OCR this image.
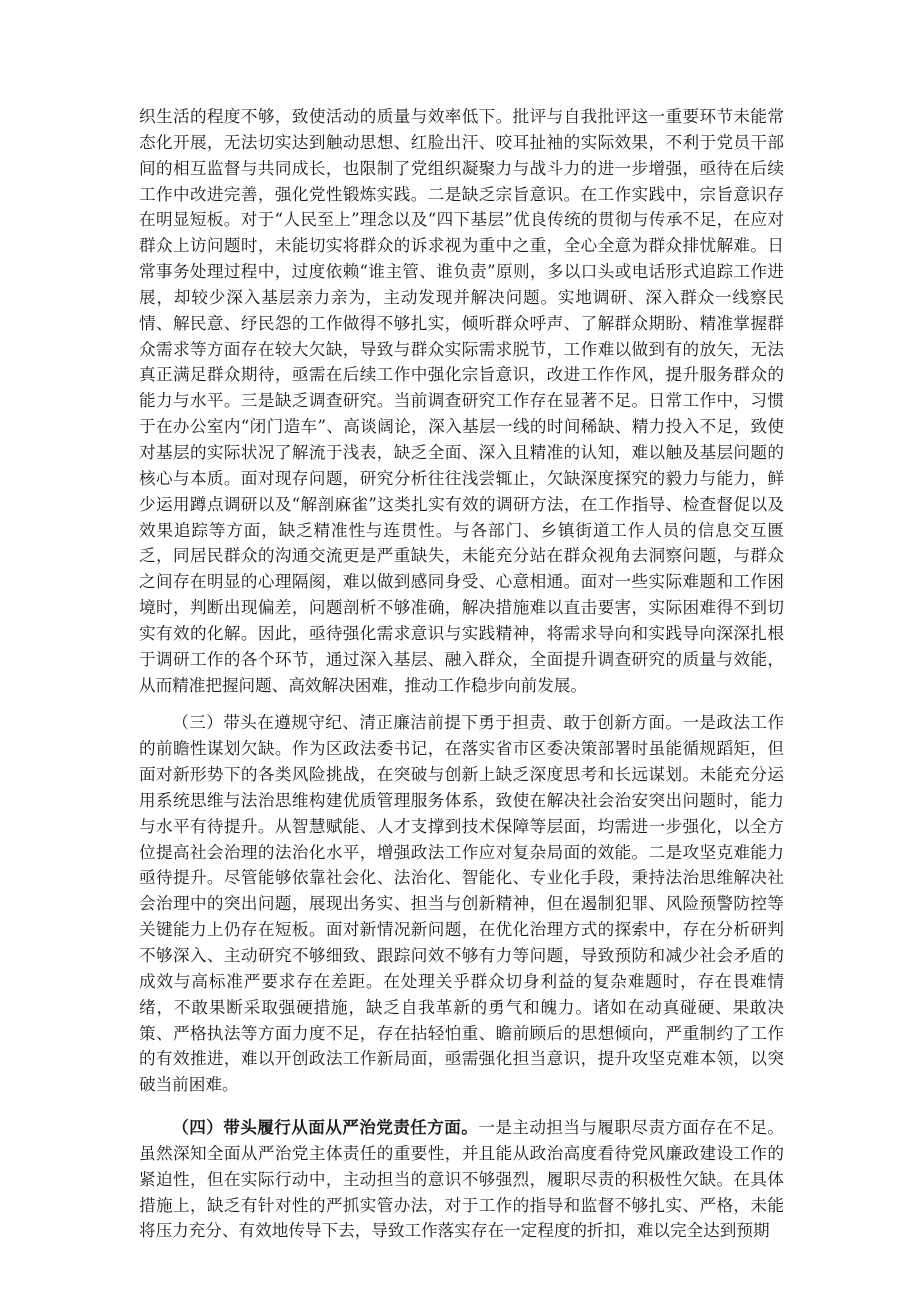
织生活的程度不够，致使活动的质量与效率低下。批评与自我批评这一重要环节未能常态化开展，无法切实达到触动思想、红脸出汗、咬耳扯袖的实际效果，不利于党员干部间的相互监督与共同成长，也限制了党组织凝聚力与战斗力的进一步增强，亟待在后续工作中改进完善，强化党性锻炼实践。二是缺乏宗旨意识。在工作实践中，宗旨意识存在明显短板。对于“人民至上”理念以及“四下基层”优良传统的贯彻与传承不足，在应对群众上访问题时，未能切实将群众的诉求视为重中之重，全心全意为群众排忧解难。日常事务处理过程中，过度依赖“谁主管、谁负责”原则，多以口头或电话形式追踪工作进展，却较少深入基层亲力亲为，主动发现并解决问题。实地调研、深入群众一线察民情、解民意、纾民怨的工作做得不够扎实，倾听群众呼声、了解群众期盼、精准掌握群众需求等方面存在较大欠缺，导致与群众实际需求脱节，工作难以做到有的放矢，无法真正满足群众期待，亟需在后续工作中强化宗旨意识，改进工作作风，提升服务群众的能力与水平。三是缺乏调查研究。当前调查研究工作存在显著不足。日常工作中，习惯于在办公室内“闭门造车”、高谈阔论，深入基层一线的时间稀缺、精力投入不足，致使对基层的实际状况了解流于浅表，缺乏全面、深入且精准的认知，难以触及基层问题的核心与本质。面对现存问题，研究分析往往浅尝辄止，欠缺深度探究的毅力与能力，鲜少运用蹲点调研以及“解剖麻雀”这类扎实有效的调研方法，在工作指导、检查督促以及效果追踪等方面，缺乏精准性与连贯性。与各部门、乡镇街道工作人员的信息交互匮乏，同居民群众的沟通交流更是严重缺失，未能充分站在群众视角去洞察问题，与群众之间存在明显的心理隔阂，难以做到感同身受、心意相通。面对一些实际难题和工作困境时，判断出现偏差，问题剖析不够准确，解决措施难以直击要害，实际困难得不到切实有效的化解。因此，亟待强化需求意识与实践精神，将需求导向和实践导向深深扎根于调研工作的各个环节，通过深入基层、融入群众，全面提升调查研究的质量与效能，从而精准把握问题、高效解决困难，推动工作稳步向前发展。

（三）带头在遵规守纪、清正廉洁前提下勇于担责、敢于创新方面。一是政法工作的前瞻性谋划欠缺。作为区政法委书记，在落实省市区委决策部署时虽能循规蹈矩，但面对新形势下的各类风险挑战，在突破与创新上缺乏深度思考和长远谋划。未能充分运用系统思维与法治思维构建优质管理服务体系，致使在解决社会治安突出问题时，能力与水平有待提升。从智慧赋能、人才支撑到技术保障等层面，均需进一步强化，以全方位提高社会治理的法治化水平，增强政法工作应对复杂局面的效能。二是攻坚克难能力亟待提升。尽管能够依靠社会化、法治化、智能化、专业化手段，秉持法治思维解决社会治理中的突出问题，展现出务实、担当与创新精神，但在遏制犯罪、风险预警防控等关键能力上仍存在短板。面对新情况新问题，在优化治理方式的探索中，存在分析研判不够深入、主动研究不够细致、跟踪问效不够有力等问题，导致预防和减少社会矛盾的成效与高标准严要求存在差距。在处理关乎群众切身利益的复杂难题时，存在畏难情绪，不敢果断采取强硬措施，缺乏自我革新的勇气和魄力。诸如在动真碰硬、果敢决策、严格执法等方面力度不足，存在拈轻怕重、瞻前顾后的思想倾向，严重制约了工作的有效推进，难以开创政法工作新局面，亟需强化担当意识，提升攻坚克难本领，以突破当前困难。

（四）带头履行从面从严治党责任方面。一是主动担当与履职尽责方面存在不足。虽然深知全面从严治党主体责任的重要性，并且能从政治高度看待党风廉政建设工作的紧迫性，但在实际行动中，主动担当的意识不够强烈，履职尽责的积极性欠缺。在具体措施上，缺乏有针对性的严抓实管办法，对于工作的指导和监督不够扎实、严格，未能将压力充分、有效地传导下去，导致工作落实存在一定程度的折扣，难以完全达到预期
